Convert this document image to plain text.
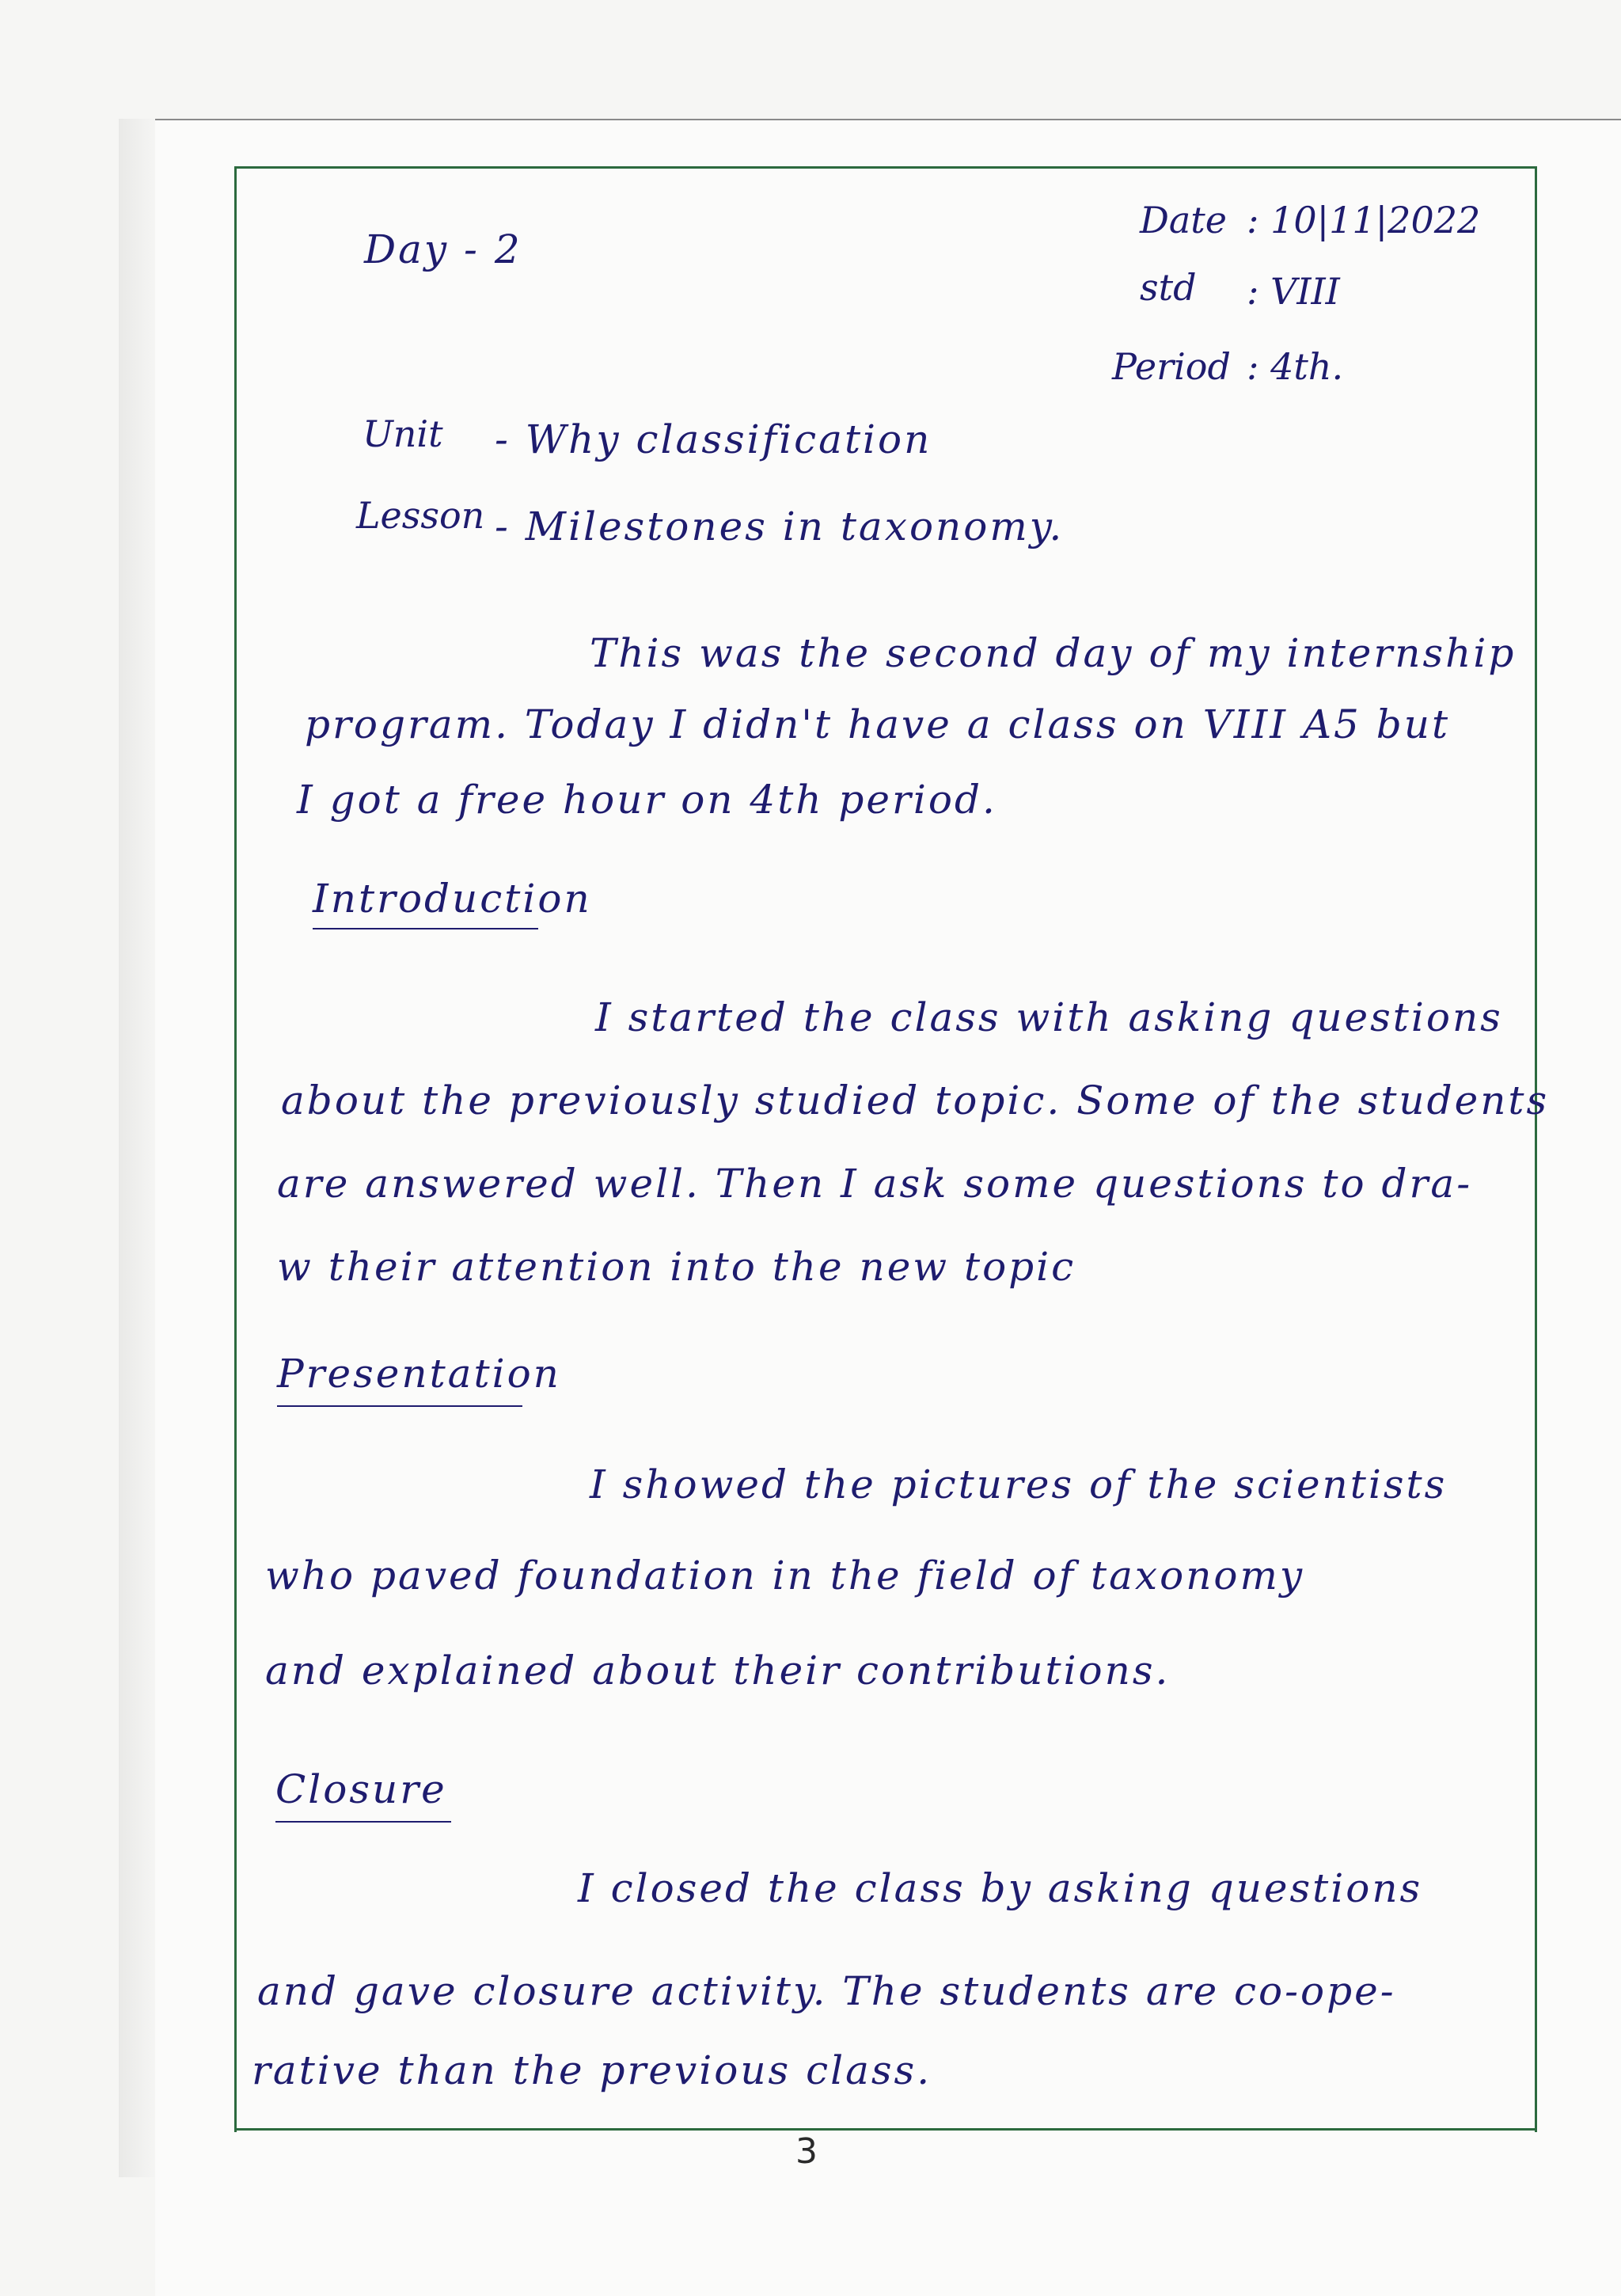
Day - 2
Date : 10|11|2022
std : VIII
Period : 4th.
Unit - Why classification
Lesson - Milestones in taxonomy.
This was the second day of my internship
program. Today I didn't have a class on VIII A5 but
I got a free hour on 4th period.
Introduction
I started the class with asking questions
about the previously studied topic. Some of the students
are answered well. Then I ask some questions to dra-
w their attention into the new topic
Presentation
I showed the pictures of the scientists
who paved foundation in the field of taxonomy
and explained about their contributions.
Closure
I closed the class by asking questions
and gave closure activity. The students are co-ope-
rative than the previous class.
3
